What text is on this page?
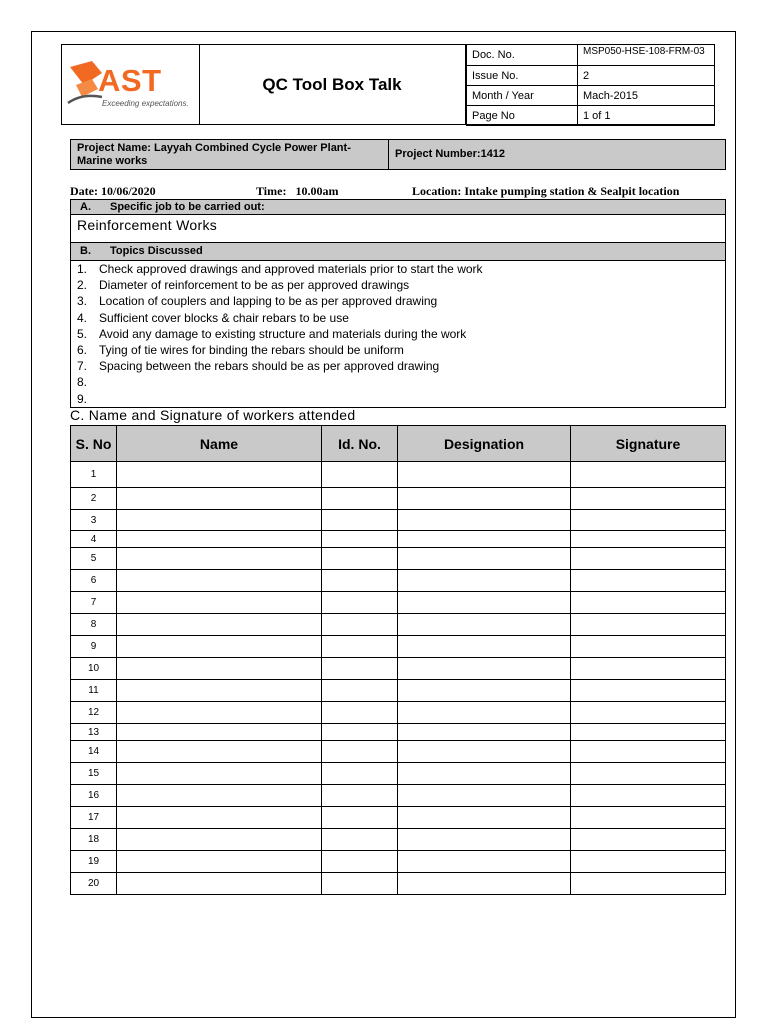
AST
Exceeding expectations.
QC Tool Box Talk
Doc. No.	MSP050-HSE-108-FRM-03
Issue No.	2
Month / Year	Mach-2015
Page No	1 of 1
Project Name: Layyah Combined Cycle Power Plant-Marine works	Project Number:1412
Date: 10/06/2020	Time:   10.00am	Location: Intake pumping station & Sealpit location
A. Specific job to be carried out:
Reinforcement Works
B. Topics Discussed
1. Check approved drawings and approved materials prior to start the work
2. Diameter of reinforcement to be as per approved drawings
3. Location of couplers and lapping to be as per approved drawing
4. Sufficient cover blocks & chair rebars to be use
5. Avoid any damage to existing structure and materials during the work
6. Tying of tie wires for binding the rebars should be uniform
7. Spacing between the rebars should be as per approved drawing
8.
9.
C. Name and Signature of workers attended
S. No	Name	Id. No.	Designation	Signature
1				
2				
3				
4				
5				
6				
7				
8				
9				
10				
11				
12				
13				
14				
15				
16				
17				
18				
19				
20				
